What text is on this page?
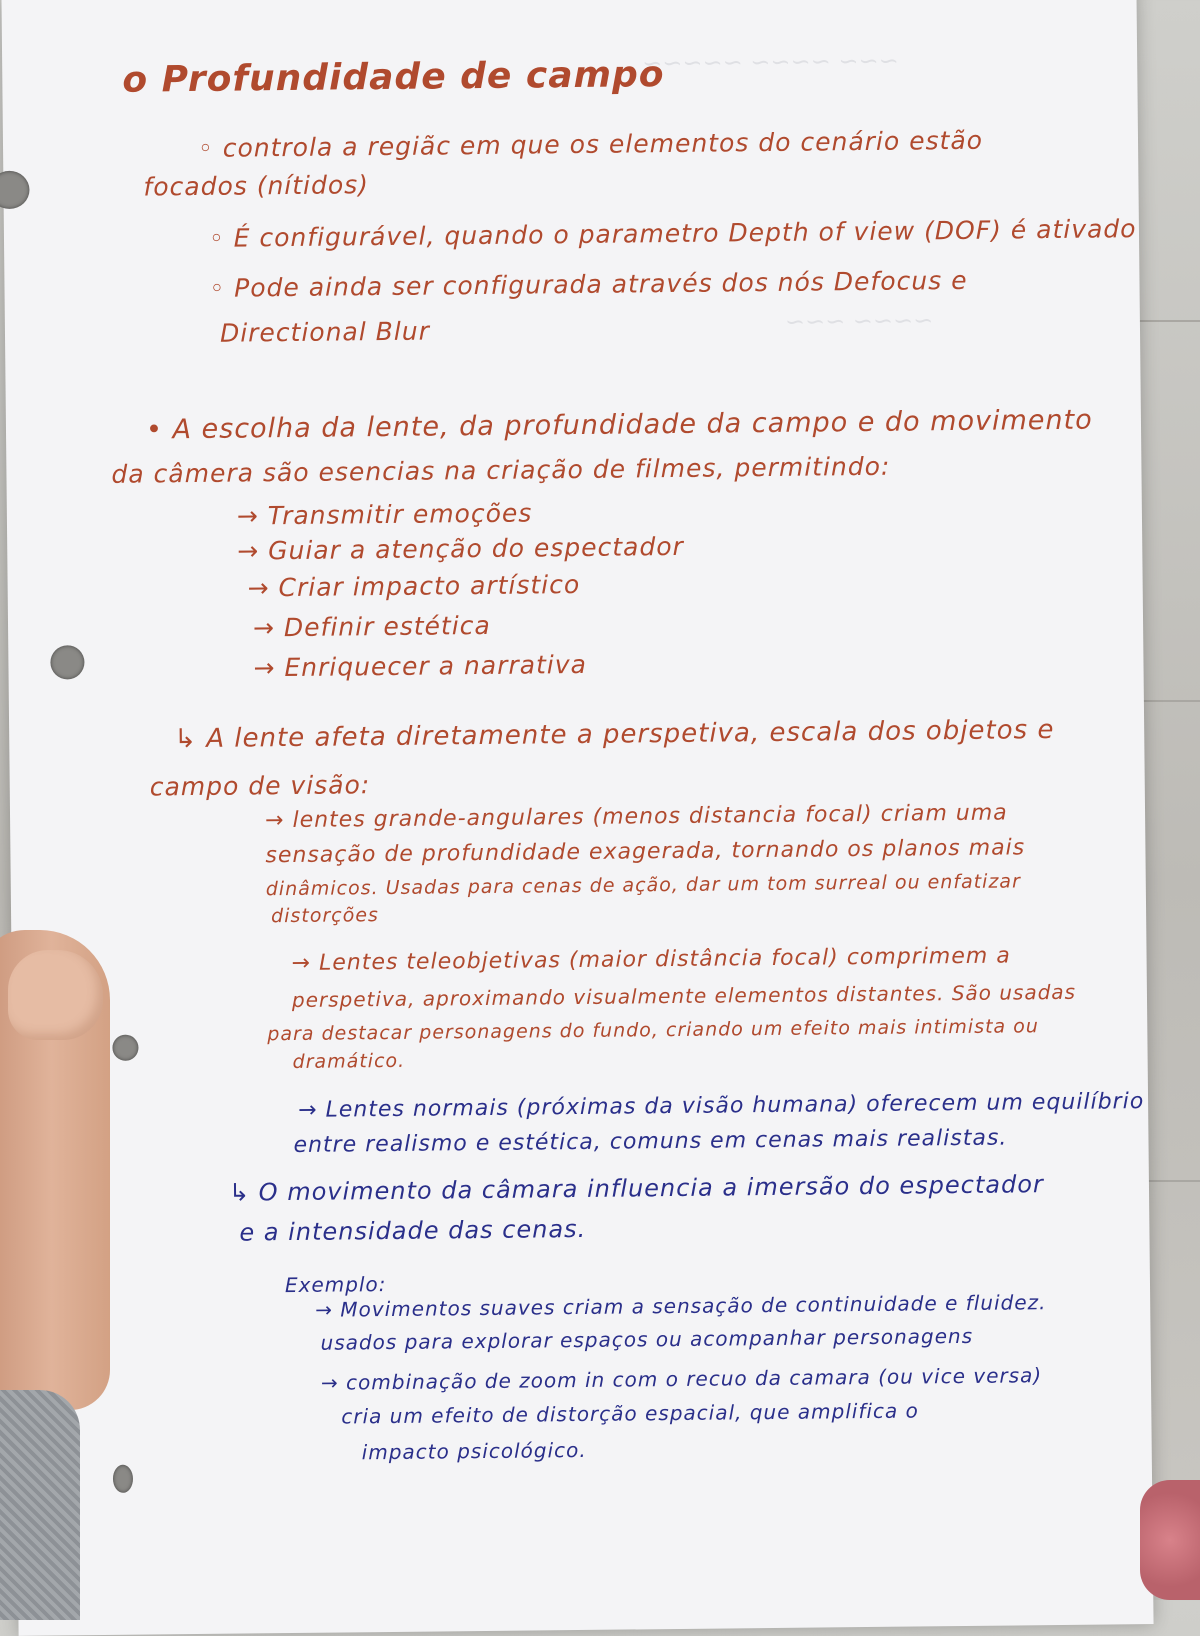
~~~ ~~~~ ~~~~~
~~~~ ~~~
o Profundidade de campo
◦ controla a regiãc em que os elementos do cenário estão
focados (nítidos)
◦ É configurável, quando o parametro Depth of view (DOF) é ativado
◦ Pode ainda ser configurada através dos nós Defocus e
Directional Blur
• A escolha da lente, da profundidade da campo e do movimento
da câmera são esencias na criação de filmes, permitindo:
→ Transmitir emoções
→ Guiar a atenção do espectador
→ Criar impacto artístico
→ Definir estética
→ Enriquecer a narrativa
↳ A lente afeta diretamente a perspetiva, escala dos objetos e
campo de visão:
→ lentes grande-angulares (menos distancia focal) criam uma
sensação de profundidade exagerada, tornando os planos mais
dinâmicos. Usadas para cenas de ação, dar um tom surreal ou enfatizar
distorções
→ Lentes teleobjetivas (maior distância focal) comprimem a
perspetiva, aproximando visualmente elementos distantes. São usadas
para destacar personagens do fundo, criando um efeito mais intimista ou
dramático.
→ Lentes normais (próximas da visão humana) oferecem um equilíbrio
entre realismo e estética, comuns em cenas mais realistas.
↳ O movimento da câmara influencia a imersão do espectador
e a intensidade das cenas.
Exemplo:
→ Movimentos suaves criam a sensação de continuidade e fluidez.
usados para explorar espaços ou acompanhar personagens
→ combinação de zoom in com o recuo da camara (ou vice versa)
cria um efeito de distorção espacial, que amplifica o
impacto psicológico.
